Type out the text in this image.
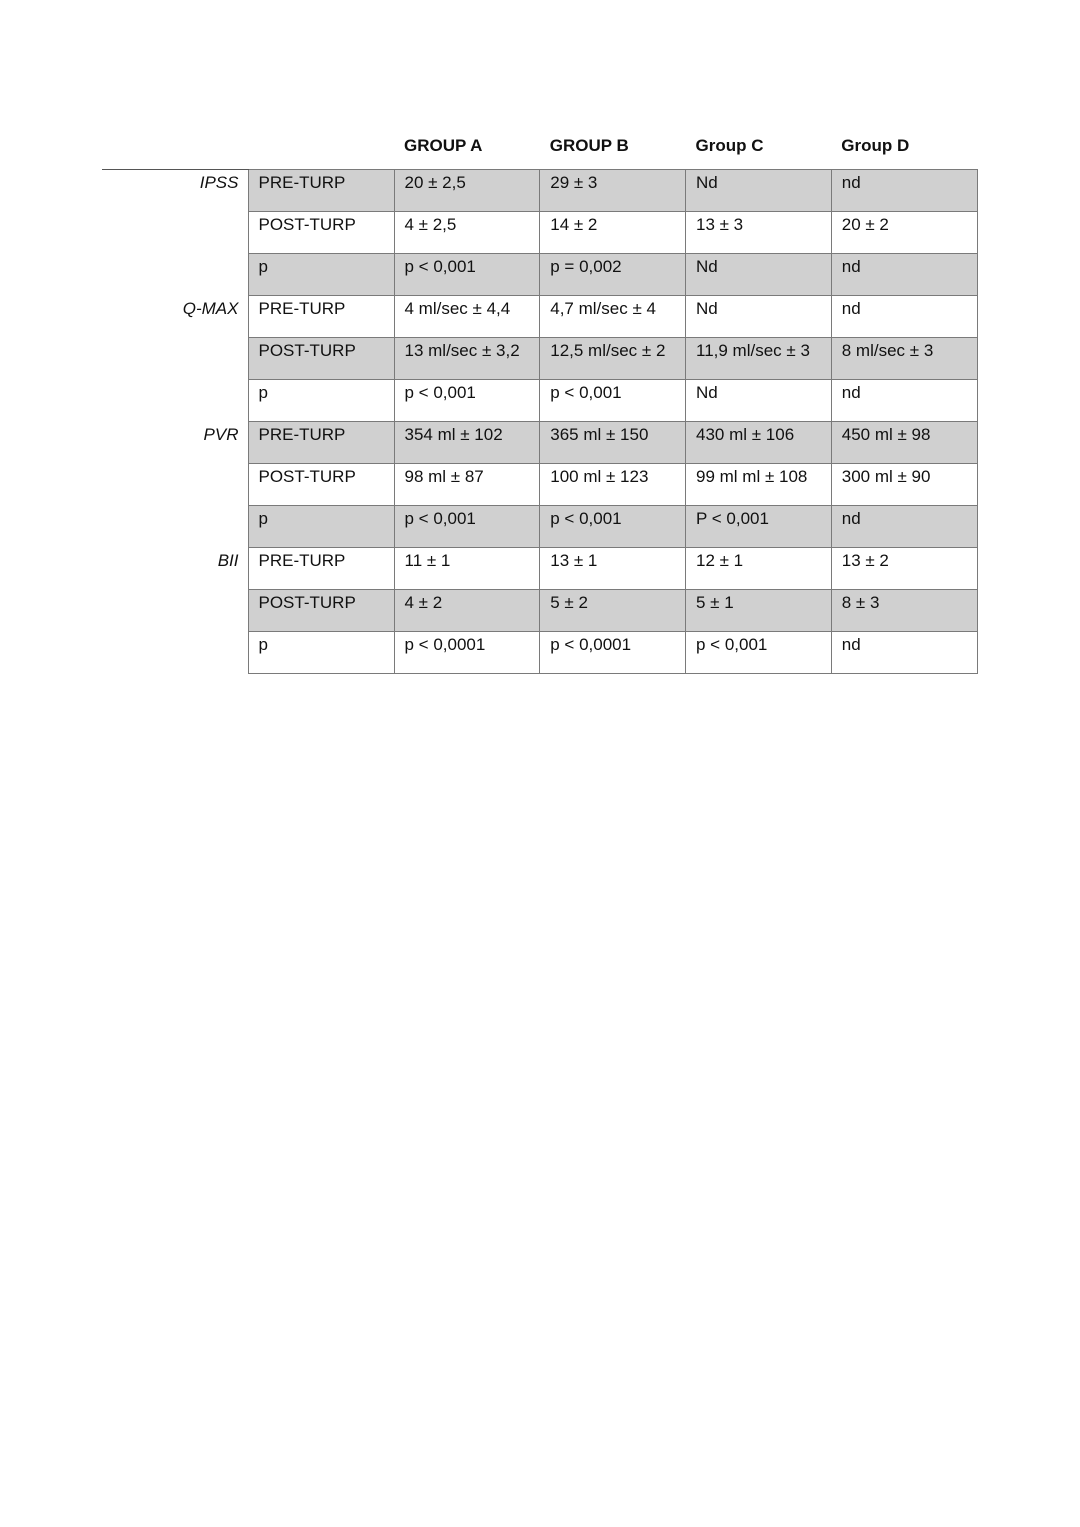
		GROUP A	GROUP B	Group C	Group D
IPSS	PRE-TURP	20 ± 2,5	29 ± 3	Nd	nd
	POST-TURP	4 ± 2,5	14 ± 2	13 ± 3	20 ± 2
	p	p < 0,001	p = 0,002	Nd	nd
Q-MAX	PRE-TURP	4 ml/sec ± 4,4	4,7 ml/sec ± 4	Nd	nd
	POST-TURP	13 ml/sec ± 3,2	12,5 ml/sec ± 2	11,9 ml/sec ± 3	8 ml/sec ± 3
	p	p < 0,001	p < 0,001	Nd	nd
PVR	PRE-TURP	354 ml ± 102	365 ml ± 150	430 ml ± 106	450 ml ± 98
	POST-TURP	98 ml ± 87	100 ml ± 123	99 ml ml ± 108	300 ml ± 90
	p	p < 0,001	p < 0,001	P < 0,001	nd
BII	PRE-TURP	11 ± 1	13 ± 1	12 ± 1	13 ± 2
	POST-TURP	4 ± 2	5 ± 2	5 ± 1	8 ± 3
	p	p < 0,0001	p < 0,0001	p < 0,001	nd
